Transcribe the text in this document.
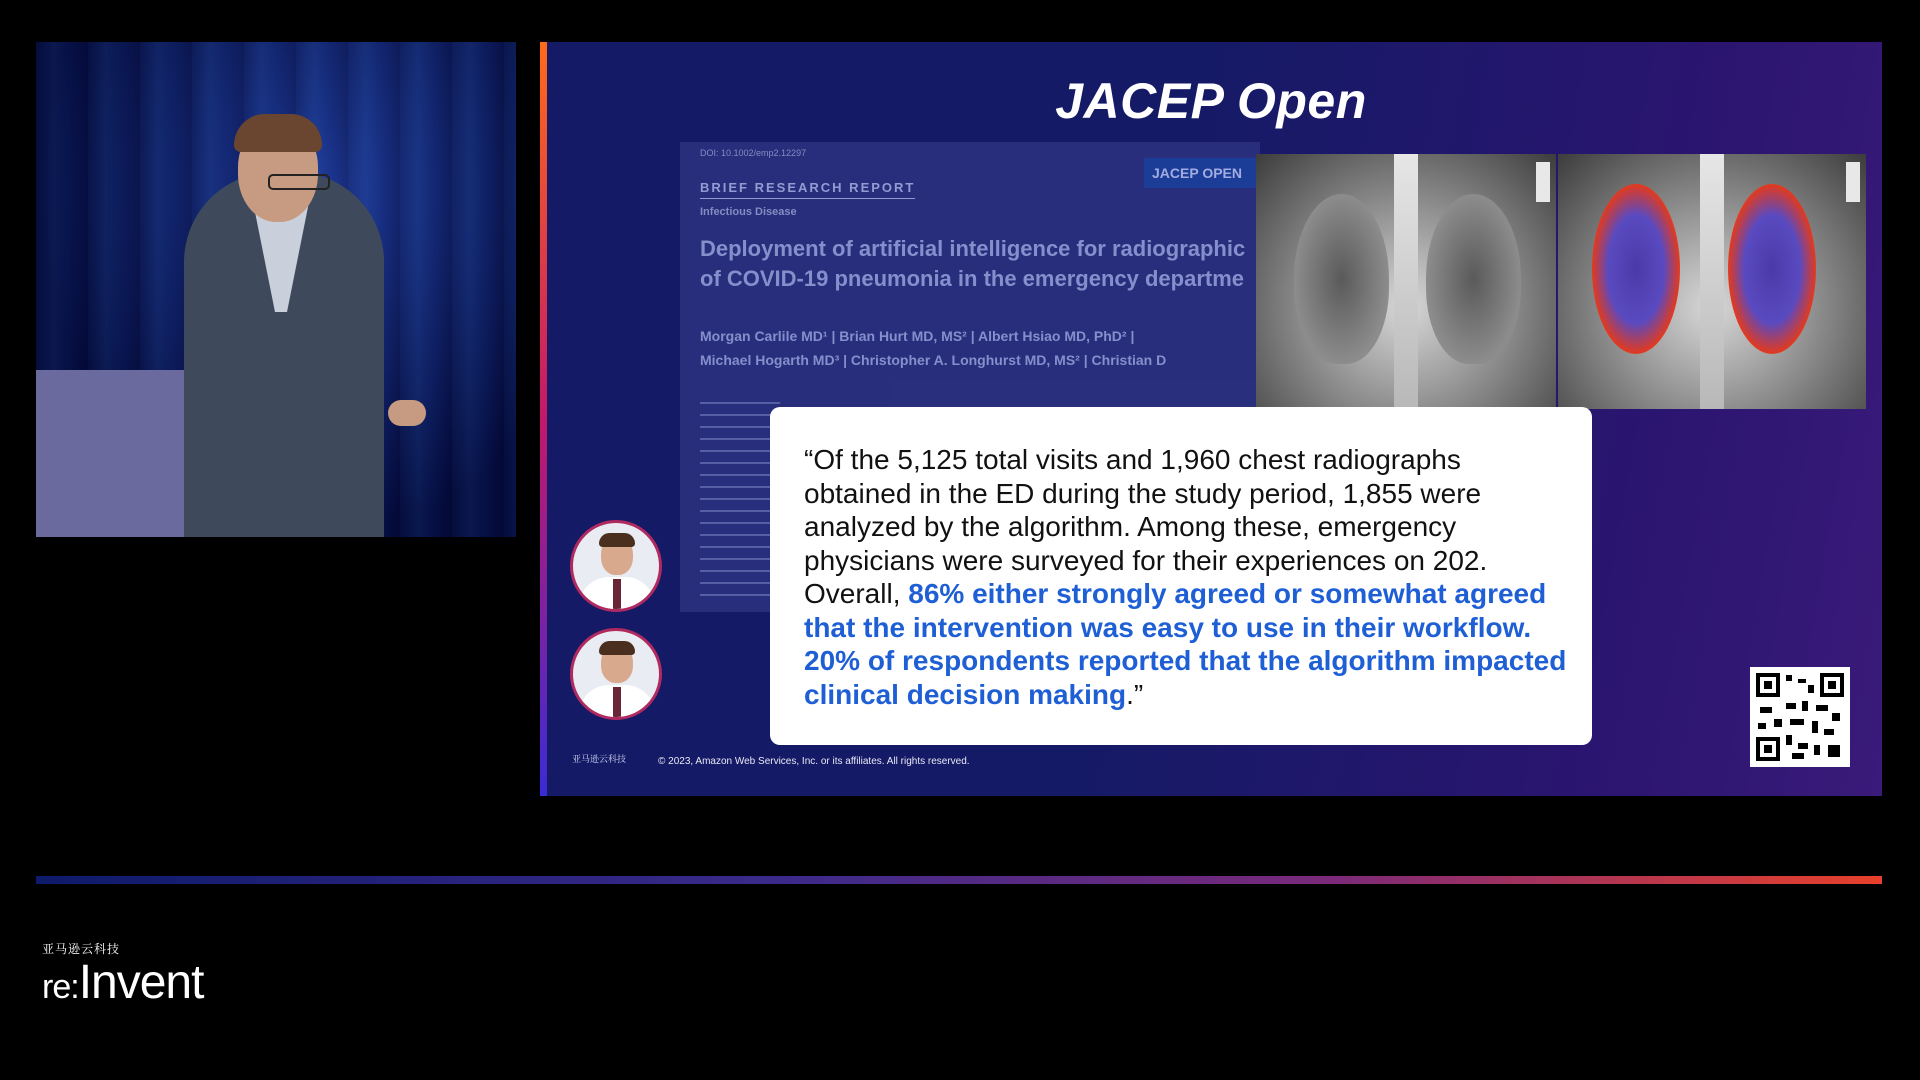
JACEP Open
DOI: 10.1002/emp2.12297
JACEP OPEN
BRIEF RESEARCH REPORT
Infectious Disease
Deployment of artificial intelligence for radiographic
of COVID-19 pneumonia in the emergency departme
Morgan Carlile MD¹ | Brian Hurt MD, MS² | Albert Hsiao MD, PhD² |
Michael Hogarth MD³ | Christopher A. Longhurst MD, MS² | Christian D
“Of the 5,125 total visits and 1,960 chest radiographs obtained in the ED during the study period, 1,855 were analyzed by the algorithm. Among these, emergency physicians were surveyed for their experiences on 202. Overall, 86% either strongly agreed or somewhat agreed that the intervention was easy to use in their workflow. 20% of respondents reported that the algorithm impacted clinical decision making.”
亚马逊云科技	© 2023, Amazon Web Services, Inc. or its affiliates. All rights reserved.
亚马逊云科技
re:Invent
